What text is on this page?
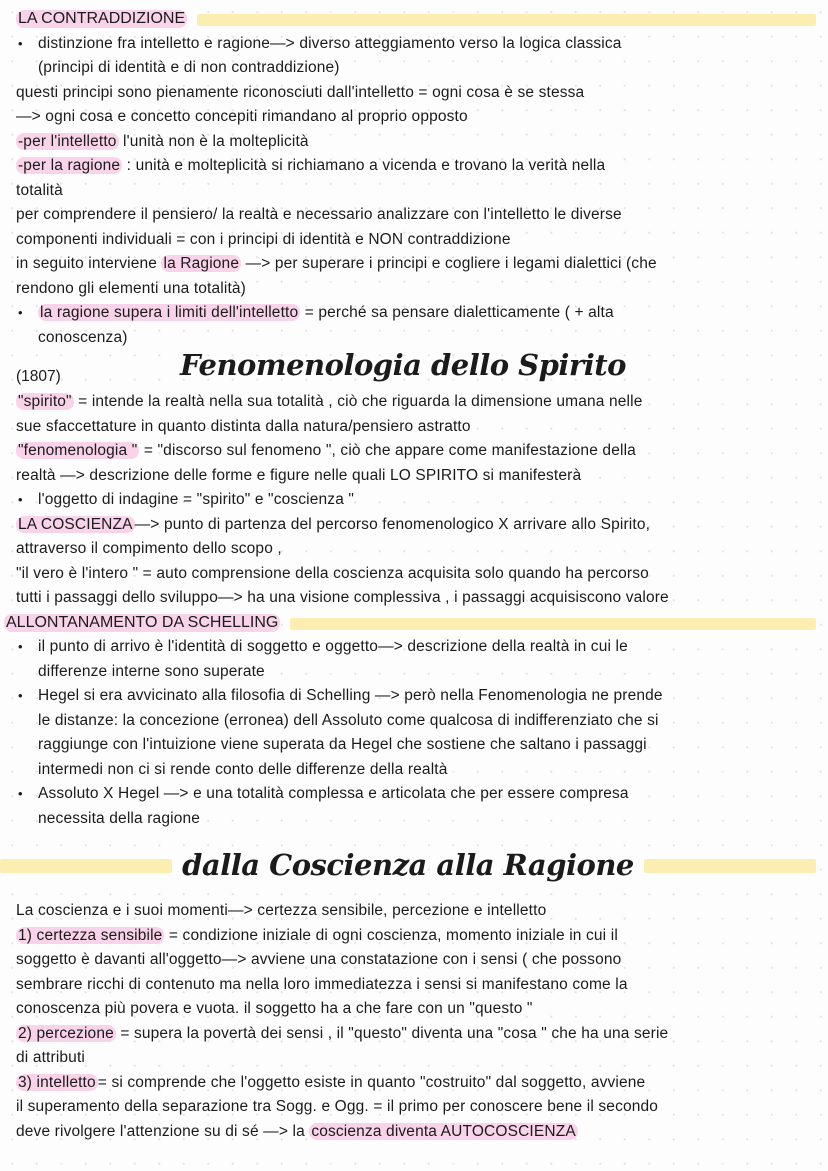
LA CONTRADDIZIONE
• distinzione fra intelletto e ragione—> diverso atteggiamento verso la logica classica
(principi di identità e di non contraddizione)
questi principi sono pienamente riconosciuti dall'intelletto = ogni cosa è se stessa
—> ogni cosa e concetto concepiti rimandano al proprio opposto
-per l'intelletto l'unità non è la molteplicità
-per la ragione : unità e molteplicità si richiamano a vicenda e trovano la verità nella
totalità
per comprendere il pensiero/ la realtà e necessario analizzare con l'intelletto le diverse
componenti individuali = con i principi di identità e NON contraddizione
in seguito interviene la Ragione —> per superare i principi e cogliere i legami dialettici (che
rendono gli elementi una totalità)
• la ragione supera i limiti dell'intelletto = perché sa pensare dialetticamente ( + alta
conoscenza)
(1807)	Fenomenologia dello Spirito
"spirito" = intende la realtà nella sua totalità , ciò che riguarda la dimensione umana nelle
sue sfaccettature in quanto distinta dalla natura/pensiero astratto
"fenomenologia " = "discorso sul fenomeno ", ciò che appare come manifestazione della
realtà —> descrizione delle forme e figure nelle quali LO SPIRITO si manifesterà
• l'oggetto di indagine = "spirito" e "coscienza "
LA COSCIENZA —> punto di partenza del percorso fenomenologico X arrivare allo Spirito,
attraverso il compimento dello scopo ,
"il vero è l'intero " = auto comprensione della coscienza acquisita solo quando ha percorso
tutti i passaggi dello sviluppo—> ha una visione complessiva , i passaggi acquisiscono valore
ALLONTANAMENTO DA SCHELLING
• il punto di arrivo è l'identità di soggetto e oggetto—> descrizione della realtà in cui le
differenze interne sono superate
• Hegel si era avvicinato alla filosofia di Schelling —> però nella Fenomenologia ne prende
le distanze: la concezione (erronea) dell Assoluto come qualcosa di indifferenziato che si
raggiunge con l'intuizione viene superata da Hegel che sostiene che saltano i passaggi
intermedi non ci si rende conto delle differenze della realtà
• Assoluto X Hegel —> e una totalità complessa e articolata che per essere compresa
necessita della ragione
dalla Coscienza alla Ragione
La coscienza e i suoi momenti—> certezza sensibile, percezione e intelletto
1) certezza sensibile = condizione iniziale di ogni coscienza, momento iniziale in cui il
soggetto è davanti all'oggetto—> avviene una constatazione con i sensi ( che possono
sembrare ricchi di contenuto ma nella loro immediatezza i sensi si manifestano come la
conoscenza più povera e vuota. il soggetto ha a che fare con un "questo "
2) percezione = supera la povertà dei sensi , il "questo" diventa una "cosa " che ha una serie
di attributi
3) intelletto = si comprende che l'oggetto esiste in quanto "costruito" dal soggetto, avviene
il superamento della separazione tra Sogg. e Ogg. = il primo per conoscere bene il secondo
deve rivolgere l'attenzione su di sé —> la coscienza diventa AUTOCOSCIENZA
